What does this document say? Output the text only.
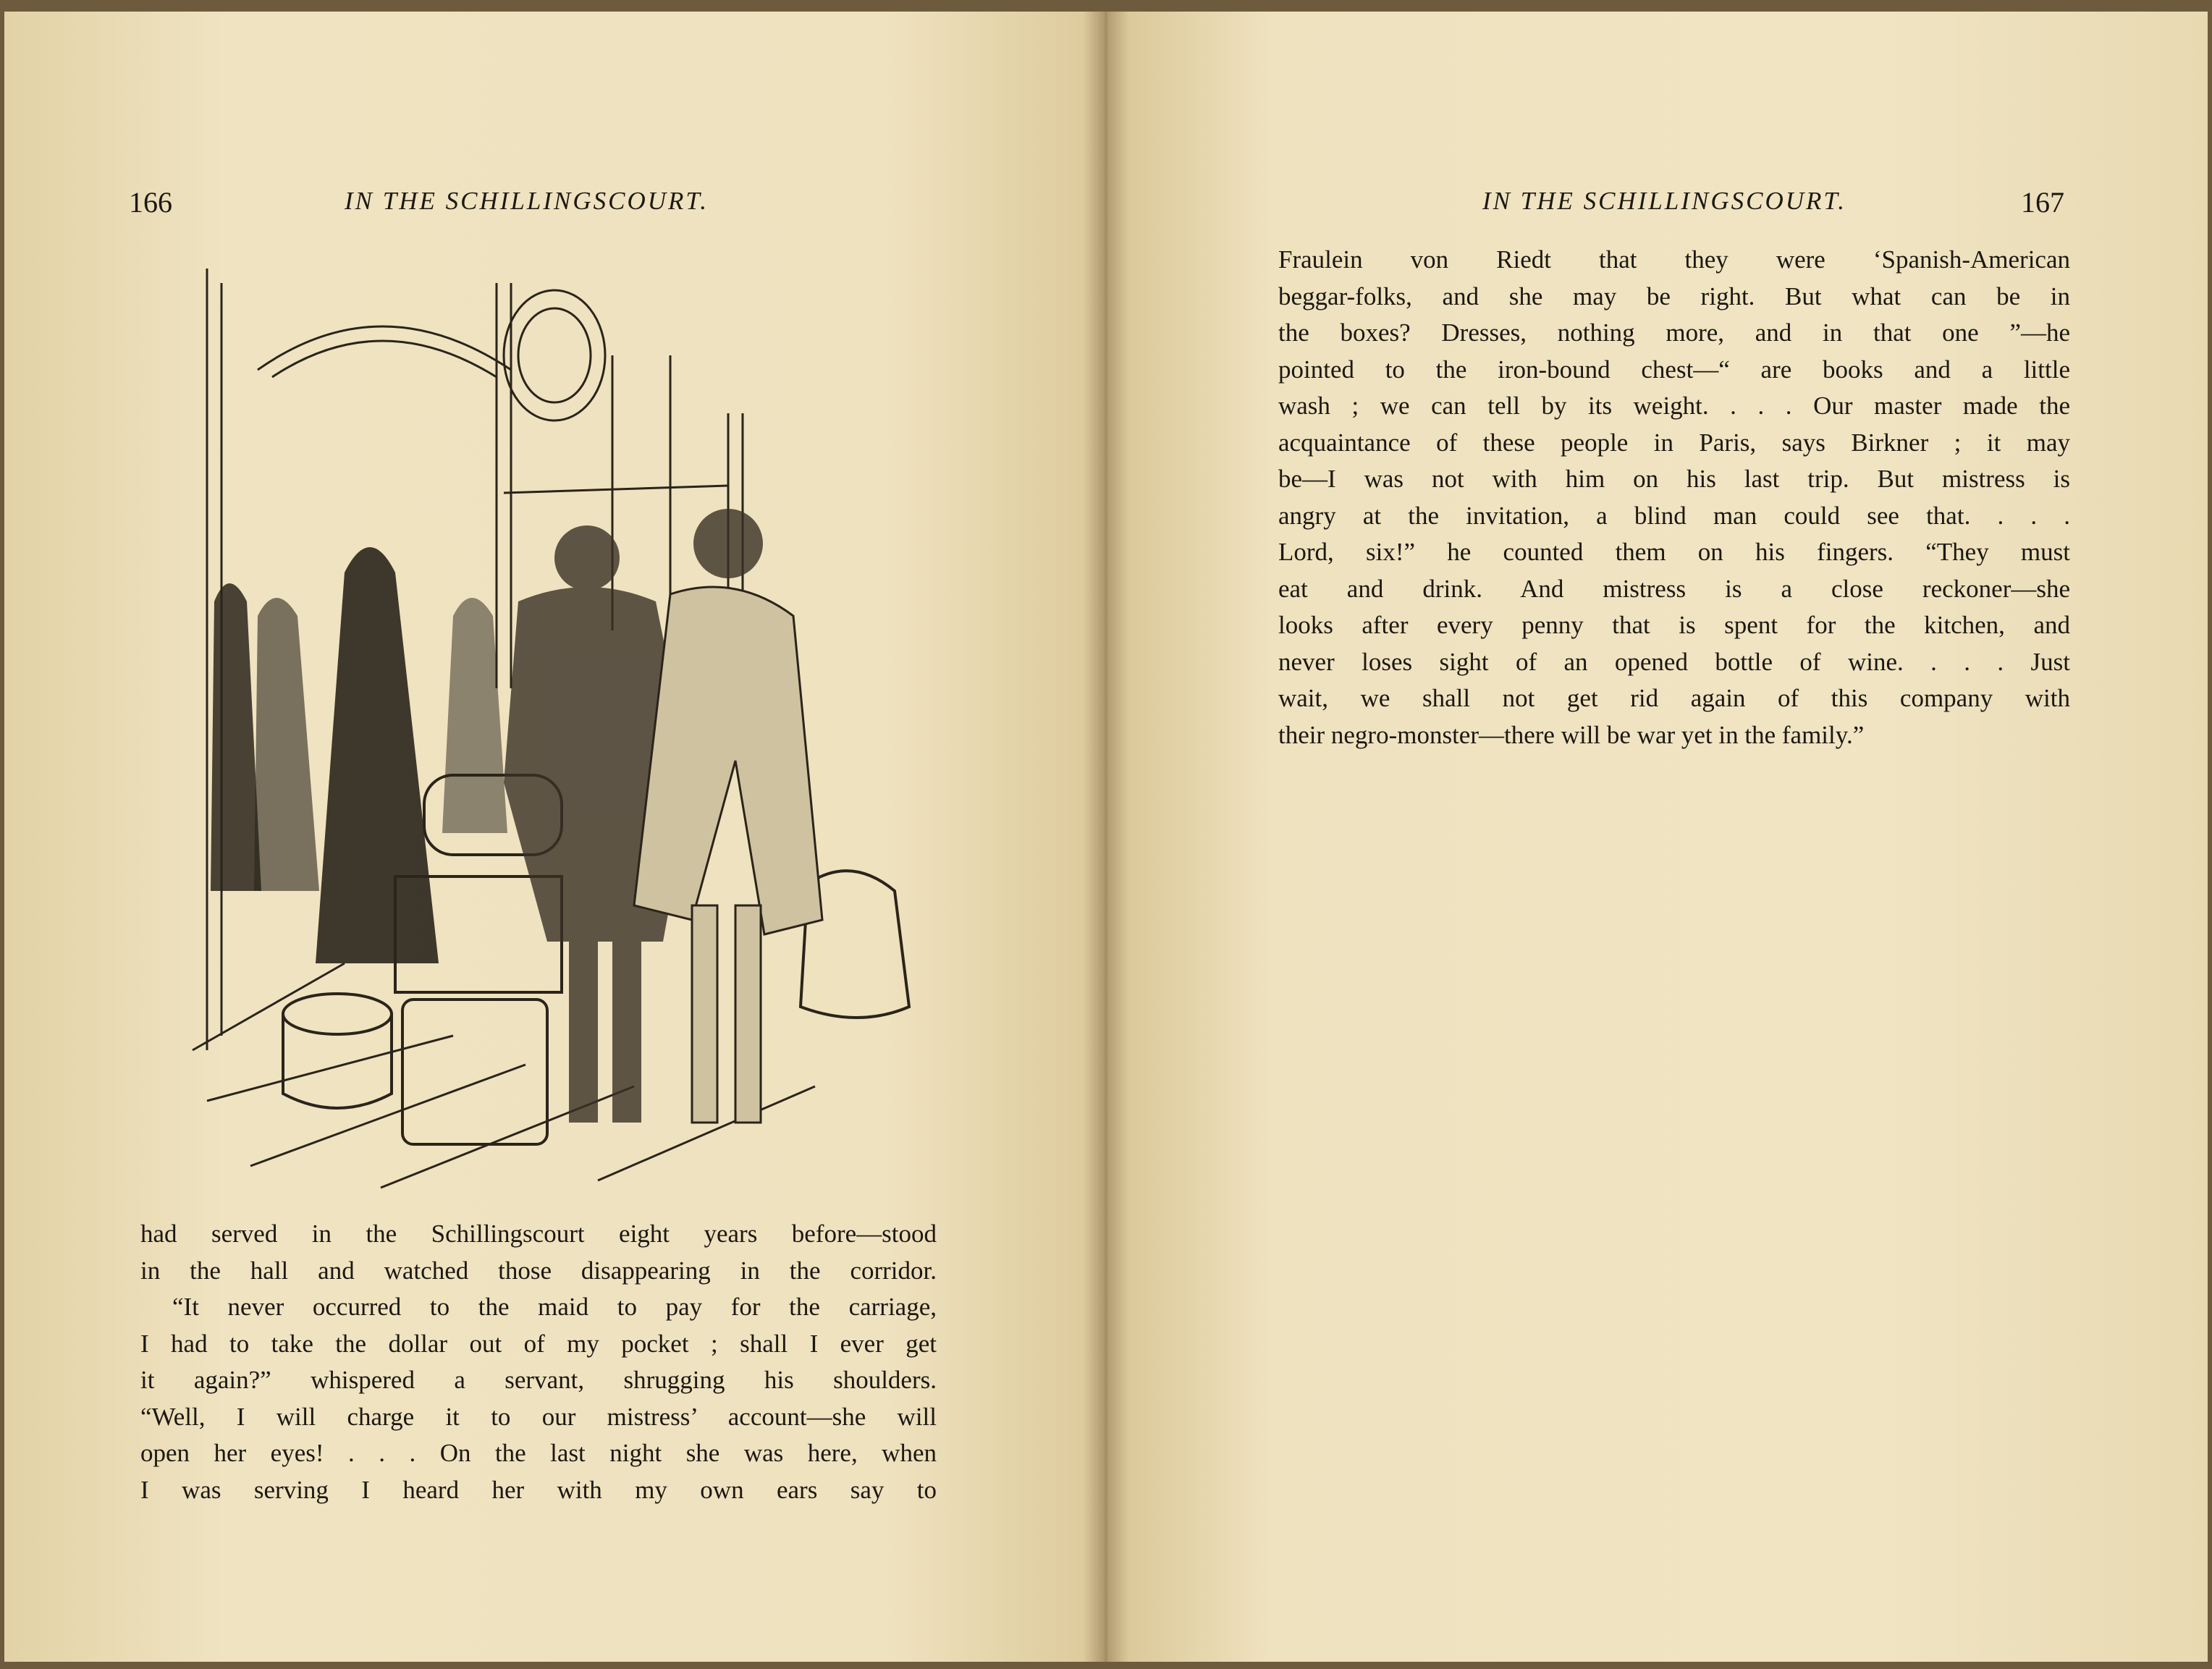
166	IN THE SCHILLINGSCOURT.
had served in the Schillingscourt eight years before—stood
in the hall and watched those disappearing in the corridor.
“It never occurred to the maid to pay for the carriage,
I had to take the dollar out of my pocket ; shall I ever get
it again?” whispered a servant, shrugging his shoulders.
“Well, I will charge it to our mistress’ account—she will
open her eyes! . . . On the last night she was here, when
I was serving I heard her with my own ears say to
IN THE SCHILLINGSCOURT.	167
Fraulein von Riedt that they were ‘Spanish-American
beggar-folks, and she may be right. But what can be in
the boxes? Dresses, nothing more, and in that one ”—he
pointed to the iron-bound chest—“ are books and a little
wash ; we can tell by its weight. . . . Our master made the
acquaintance of these people in Paris, says Birkner ; it may
be—I was not with him on his last trip. But mistress is
angry at the invitation, a blind man could see that. . . .
Lord, six!” he counted them on his fingers. “They must
eat and drink. And mistress is a close reckoner—she
looks after every penny that is spent for the kitchen, and
never loses sight of an opened bottle of wine. . . . Just
wait, we shall not get rid again of this company with
their negro-monster—there will be war yet in the family.”
